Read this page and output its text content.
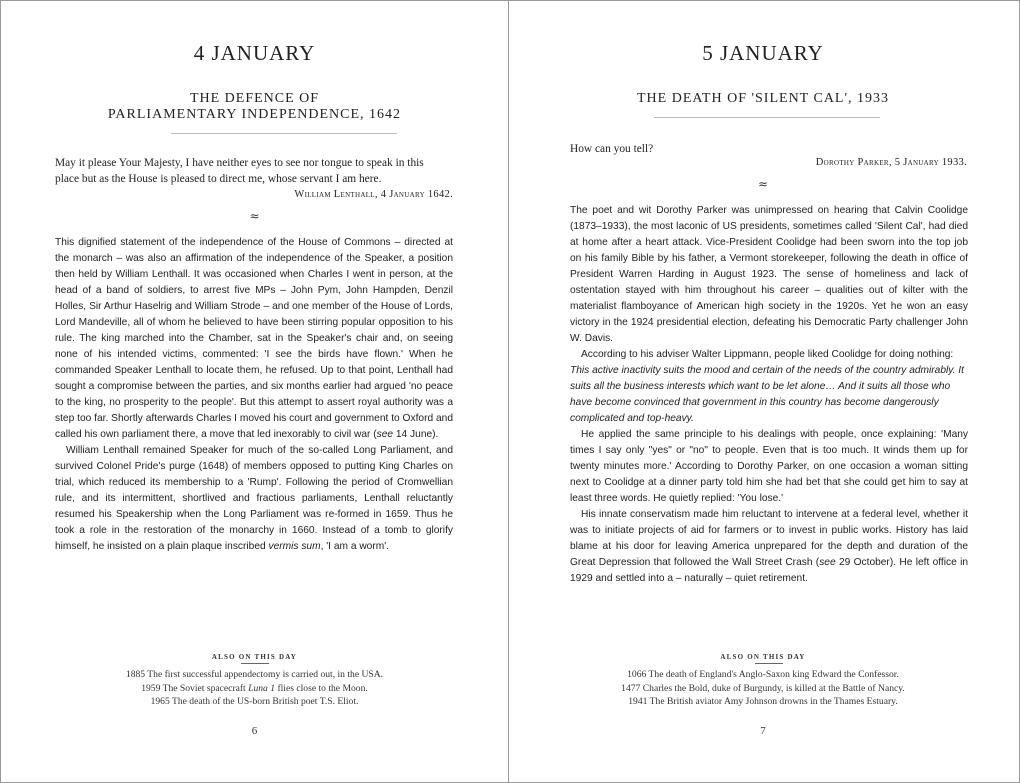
4 JANUARY
THE DEFENCE OF
PARLIAMENTARY INDEPENDENCE, 1642
May it please Your Majesty, I have neither eyes to see nor tongue to speak in this
place but as the House is pleased to direct me, whose servant I am here.
William Lenthall, 4 January 1642.
≈

This dignified statement of the independence of the House of Commons – directed at the monarch – was also an affirmation of the independence of the Speaker, a position then held by William Lenthall. It was occasioned when Charles I went in person, at the head of a band of soldiers, to arrest five MPs – John Pym, John Hampden, Denzil Holles, Sir Arthur Haselrig and William Strode – and one member of the House of Lords, Lord Mandeville, all of whom he believed to have been stirring popular opposition to his rule. The king marched into the Chamber, sat in the Speaker's chair and, on seeing none of his intended victims, commented: 'I see the birds have flown.' When he commanded Speaker Lenthall to locate them, he refused. Up to that point, Lenthall had sought a compromise between the parties, and six months earlier had argued 'no peace to the king, no prosperity to the people'. But this attempt to assert royal authority was a step too far. Shortly afterwards Charles I moved his court and government to Oxford and called his own parliament there, a move that led inexorably to civil war (see 14 June).

William Lenthall remained Speaker for much of the so-called Long Parliament, and survived Colonel Pride's purge (1648) of members opposed to putting King Charles on trial, which reduced its membership to a 'Rump'. Following the period of Cromwellian rule, and its intermittent, shortlived and fractious parliaments, Lenthall reluctantly resumed his Speakership when the Long Parliament was re-formed in 1659. Thus he took a role in the restoration of the monarchy in 1660. Instead of a tomb to glorify himself, he insisted on a plain plaque inscribed vermis sum, 'I am a worm'.

ALSO ON THIS DAY
1885 The first successful appendectomy is carried out, in the USA.
1959 The Soviet spacecraft Luna 1 flies close to the Moon.
1965 The death of the US-born British poet T.S. Eliot.
6
5 JANUARY
THE DEATH OF 'SILENT CAL', 1933
How can you tell?
Dorothy Parker, 5 January 1933.
≈

The poet and wit Dorothy Parker was unimpressed on hearing that Calvin Coolidge (1873–1933), the most laconic of US presidents, sometimes called 'Silent Cal', had died at home after a heart attack. Vice-President Coolidge had been sworn into the top job on his family Bible by his father, a Vermont storekeeper, following the death in office of President Warren Harding in August 1923. The sense of homeliness and lack of ostentation stayed with him throughout his career – qualities out of kilter with the materialist flamboyance of American high society in the 1920s. Yet he won an easy victory in the 1924 presidential election, defeating his Democratic Party challenger John W. Davis.

According to his adviser Walter Lippmann, people liked Coolidge for doing nothing:

This active inactivity suits the mood and certain of the needs of the country admirably. It suits all the business interests which want to be let alone… And it suits all those who have become convinced that government in this country has become dangerously complicated and top-heavy.

He applied the same principle to his dealings with people, once explaining: 'Many times I say only "yes" or "no" to people. Even that is too much. It winds them up for twenty minutes more.' According to Dorothy Parker, on one occasion a woman sitting next to Coolidge at a dinner party told him she had bet that she could get him to say at least three words. He quietly replied: 'You lose.'

His innate conservatism made him reluctant to intervene at a federal level, whether it was to initiate projects of aid for farmers or to invest in public works. History has laid blame at his door for leaving America unprepared for the depth and duration of the Great Depression that followed the Wall Street Crash (see 29 October). He left office in 1929 and settled into a – naturally – quiet retirement.

ALSO ON THIS DAY
1066 The death of England's Anglo-Saxon king Edward the Confessor.
1477 Charles the Bold, duke of Burgundy, is killed at the Battle of Nancy.
1941 The British aviator Amy Johnson drowns in the Thames Estuary.
7
